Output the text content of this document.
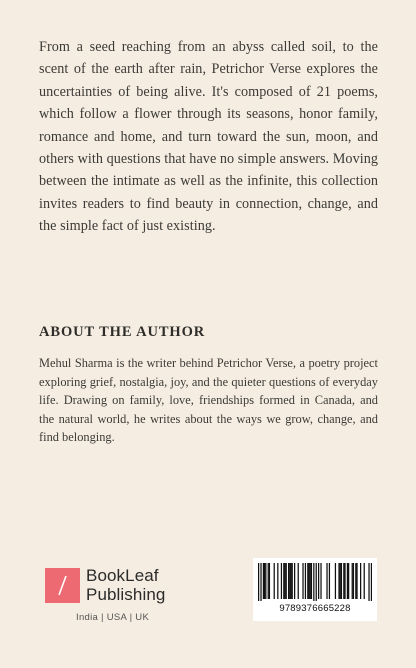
From a seed reaching from an abyss called soil, to the scent of the earth after rain, Petrichor Verse explores the uncertainties of being alive. It's composed of 21 poems, which follow a flower through its seasons, honor family, romance and home, and turn toward the sun, moon, and others with questions that have no simple answers. Moving between the intimate as well as the infinite, this collection invites readers to find beauty in connection, change, and the simple fact of just existing.

ABOUT THE AUTHOR

Mehul Sharma is the writer behind Petrichor Verse, a poetry project exploring grief, nostalgia, joy, and the quieter questions of everyday life. Drawing on family, love, friendships formed in Canada, and the natural world, he writes about the ways we grow, change, and find belonging.

BookLeaf
Publishing
India | USA | UK
9789376665228
